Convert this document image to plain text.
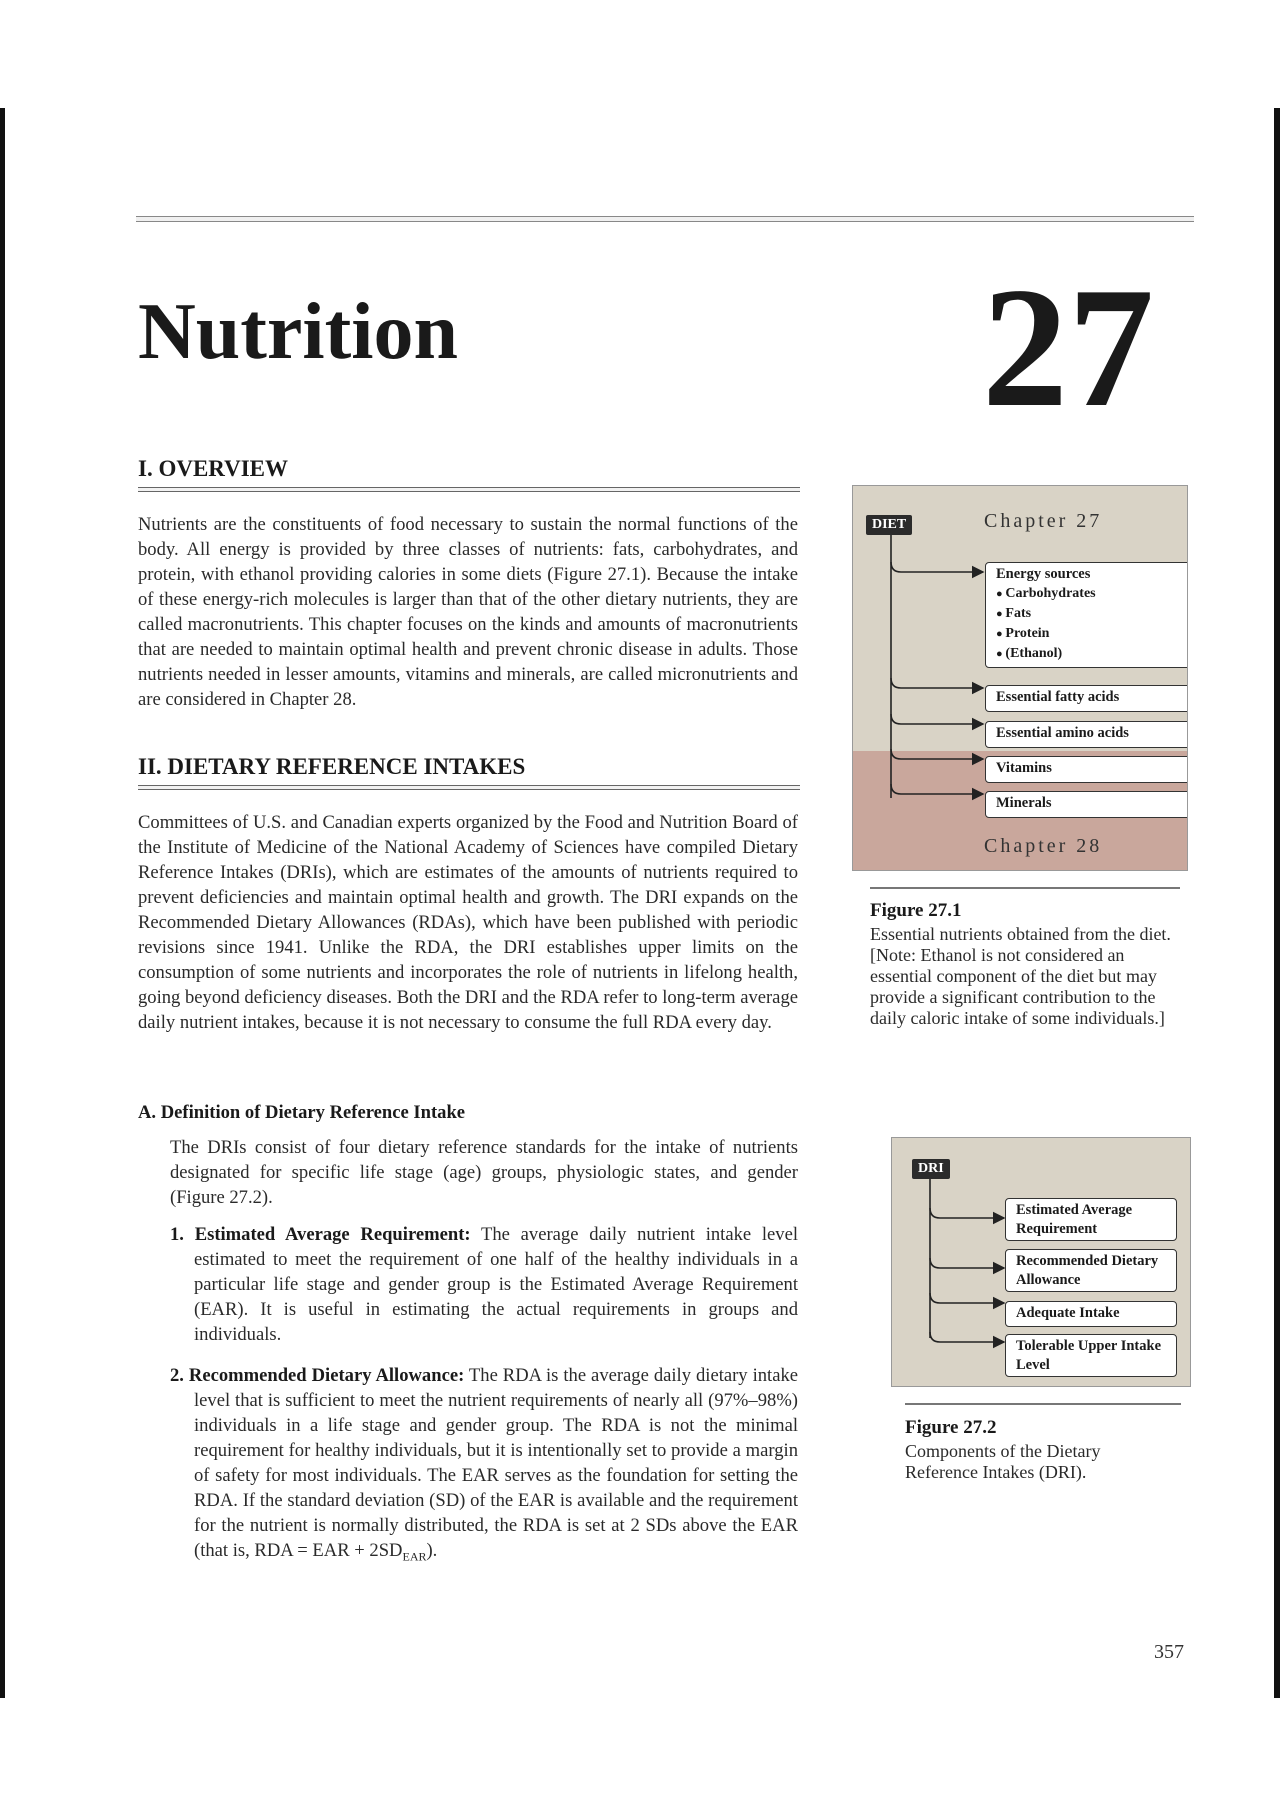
Nutrition	27
I. OVERVIEW

Nutrients are the constituents of food necessary to sustain the normal functions of the body. All energy is provided by three classes of nutrients: fats, carbohydrates, and protein, with ethanol providing calories in some diets (Figure 27.1). Because the intake of these energy-rich molecules is larger than that of the other dietary nutrients, they are called macronutrients. This chapter focuses on the kinds and amounts of macronutrients that are needed to maintain optimal health and prevent chronic disease in adults. Those nutrients needed in lesser amounts, vitamins and minerals, are called micronutrients and are considered in Chapter 28.

II. DIETARY REFERENCE INTAKES

Committees of U.S. and Canadian experts organized by the Food and Nutrition Board of the Institute of Medicine of the National Academy of Sciences have compiled Dietary Reference Intakes (DRIs), which are estimates of the amounts of nutrients required to prevent deficiencies and maintain optimal health and growth. The DRI expands on the Recommended Dietary Allowances (RDAs), which have been published with periodic revisions since 1941. Unlike the RDA, the DRI establishes upper limits on the consumption of some nutrients and incorporates the role of nutrients in lifelong health, going beyond deficiency diseases. Both the DRI and the RDA refer to long-term average daily nutrient intakes, because it is not necessary to consume the full RDA every day.

A. Definition of Dietary Reference Intake

The DRIs consist of four dietary reference standards for the intake of nutrients designated for specific life stage (age) groups, physiologic states, and gender (Figure 27.2).

1. Estimated Average Requirement: The average daily nutrient intake level estimated to meet the requirement of one half of the healthy individuals in a particular life stage and gender group is the Estimated Average Requirement (EAR). It is useful in estimating the actual requirements in groups and individuals.

2. Recommended Dietary Allowance: The RDA is the average daily dietary intake level that is sufficient to meet the nutrient requirements of nearly all (97%–98%) individuals in a life stage and gender group. The RDA is not the minimal requirement for healthy individuals, but it is intentionally set to provide a margin of safety for most individuals. The EAR serves as the foundation for setting the RDA. If the standard deviation (SD) of the EAR is available and the requirement for the nutrient is normally distributed, the RDA is set at 2 SDs above the EAR (that is, RDA = EAR + $2SD_{EAR}$).

DIET	Chapter 27
Energy sources
● Carbohydrates
● Fats
● Protein
● (Ethanol)
Essential fatty acids
Essential amino acids
Vitamins
Minerals
Chapter 28
Figure 27.1

Essential nutrients obtained from the diet. [Note: Ethanol is not considered an essential component of the diet but may provide a significant contribution to the daily caloric intake of some individuals.]

DRI
Estimated Average Requirement
Recommended Dietary Allowance
Adequate Intake
Tolerable Upper Intake Level
Figure 27.2

Components of the Dietary Reference Intakes (DRI).

357
